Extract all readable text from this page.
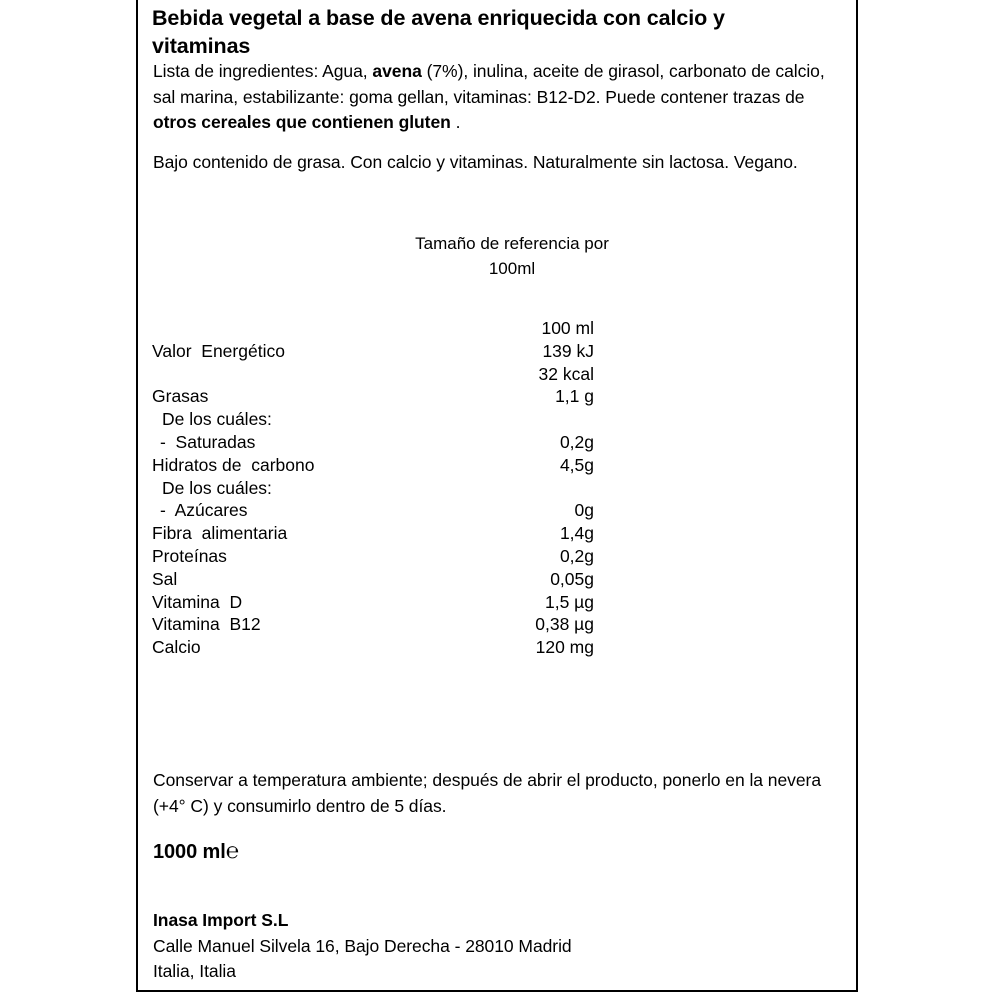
Bebida vegetal a base de avena enriquecida con calcio y vitaminas
Lista de ingredientes: Agua, avena (7%), inulina, aceite de girasol, carbonato de calcio, sal marina, estabilizante: goma gellan, vitaminas: B12-D2. Puede contener trazas de otros cereales que contienen gluten .
Bajo contenido de grasa. Con calcio y vitaminas. Naturalmente sin lactosa. Vegano.
Tamaño de referencia por
100ml
	100 ml
Valor  Energético	139 kJ
	32 kcal
Grasas	1,1 g
De los cuáles:	
-  Saturadas	0,2g
Hidratos de  carbono	4,5g
De los cuáles:	
-  Azúcares	0g
Fibra  alimentaria	1,4g
Proteínas	0,2g
Sal	0,05g
Vitamina  D	1,5 µg
Vitamina  B12	0,38 µg
Calcio	120 mg
Conservar a temperatura ambiente; después de abrir el producto, ponerlo en la nevera (+4° C) y consumirlo dentro de 5 días.
1000 ml℮
Inasa Import S.L
Calle Manuel Silvela 16, Bajo Derecha - 28010 Madrid
Italia, Italia
